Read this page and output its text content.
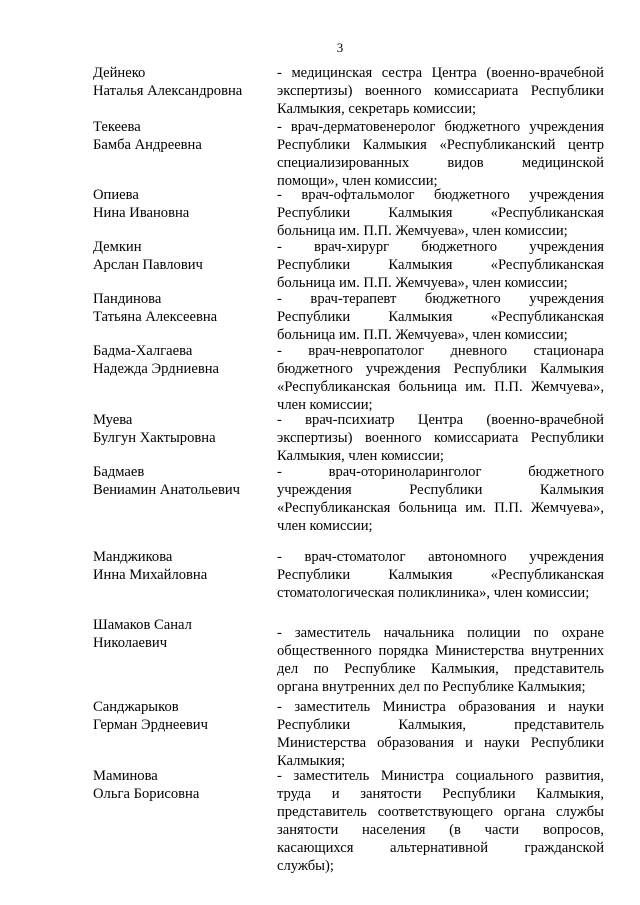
3
Дейнеко
Наталья Александровна
- медицинская сестра Центра (военно-врачебной
экспертизы) военного комиссариата Республики
Калмыкия, секретарь комиссии;
Текеева
Бамба Андреевна
- врач-дерматовенеролог бюджетного учреждения
Республики Калмыкия «Республиканский центр
специализированных видов медицинской
помощи», член комиссии;
Опиева
Нина Ивановна
- врач-офтальмолог бюджетного учреждения
Республики Калмыкия «Республиканская
больница им. П.П. Жемчуева», член комиссии;
Демкин
Арслан Павлович
- врач-хирург бюджетного учреждения
Республики Калмыкия «Республиканская
больница им. П.П. Жемчуева», член комиссии;
Пандинова
Татьяна Алексеевна
- врач-терапевт бюджетного учреждения
Республики Калмыкия «Республиканская
больница им. П.П. Жемчуева», член комиссии;
Бадма-Халгаева
Надежда Эрдниевна
- врач-невропатолог дневного стационара
бюджетного учреждения Республики Калмыкия
«Республиканская больница им. П.П. Жемчуева»,
член комиссии;
Муева
Булгун Хактыровна
- врач-психиатр Центра (военно-врачебной
экспертизы) военного комиссариата Республики
Калмыкия, член комиссии;
Бадмаев
Вениамин Анатольевич
- врач-оториноларинголог бюджетного
учреждения Республики Калмыкия
«Республиканская больница им. П.П. Жемчуева»,
член комиссии;
Манджикова
Инна Михайловна
- врач-стоматолог автономного учреждения
Республики Калмыкия «Республиканская
стоматологическая поликлиника», член комиссии;
Шамаков Санал
Николаевич
- заместитель начальника полиции по охране
общественного порядка Министерства внутренних
дел по Республике Калмыкия, представитель
органа внутренних дел по Республике Калмыкия;
Санджарыков
Герман Эрднеевич
- заместитель Министра образования и науки
Республики Калмыкия, представитель
Министерства образования и науки Республики
Калмыкия;
Маминова
Ольга Борисовна
- заместитель Министра социального развития,
труда и занятости Республики Калмыкия,
представитель соответствующего органа службы
занятости населения (в части вопросов,
касающихся альтернативной гражданской
службы);
